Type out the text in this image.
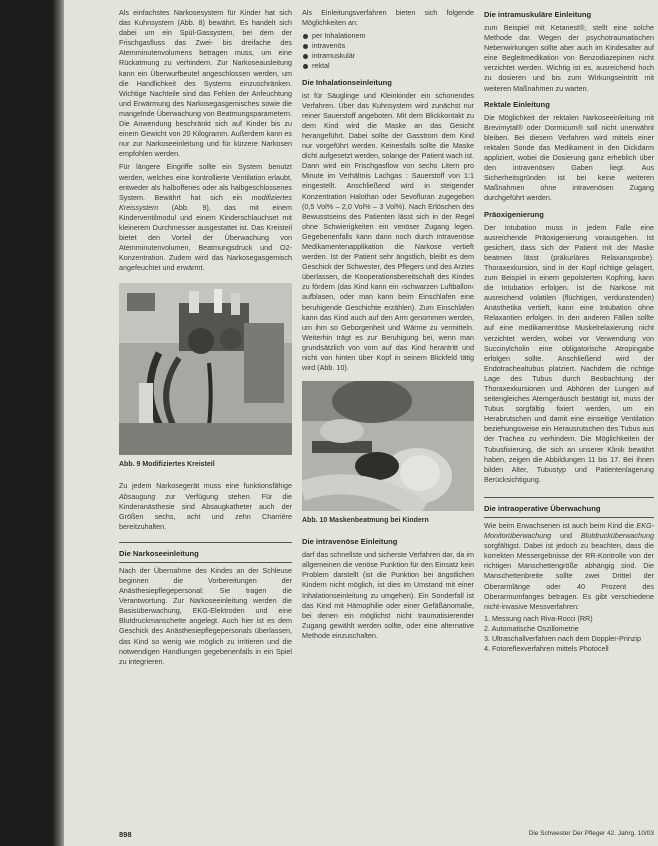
Als einfachstes Narkosesystem für Kinder hat sich das Kuhnsystem (Abb. 8) bewährt. Es handelt sich dabei um ein Spül-Gassystem, bei dem der Frischgasfluss das Zwei- bis dreifache des Atemminutenvolumens betragen muss, um eine Rückatmung zu verhindern. Zur Narkoseausleitung kann ein Überwurfbeutel angeschlossen werden, um die Handlichkeit des Systems einzuschränken. Wichtige Nachteile sind das Fehlen der Anfeuchtung und Erwärmung des Narkosegasgemisches sowie die mangelnde Überwachung von Beatmungsparametern. Die Anwendung beschränkt sich auf Kinder bis zu einem Gewicht von 20 Kilogramm. Außerdem kann es nur zur Narkoseeinleitung und für kürzere Narkosen empfohlen werden.

Für längere Eingriffe sollte ein System benutzt werden, welches eine kontrollierte Ventilation erlaubt, entweder als halboffenes oder als halbgeschlossenes System. Bewährt hat sich ein modifiziertes Kreissystem (Abb. 9), das mit einem Kinderventilmodul und einem Kinderschlauchset mit kleinerem Durchmesser ausgestattet ist. Das Kreisteil bietet den Vorteil der Überwachung von Atemminutenvolumen, Beatmungsdruck und O2-Konzentration. Zudem wird das Narkosegasgemisch angefeuchtet und erwärmt.

Abb. 9 Modifiziertes Kreisteil

Zu jedem Narkosegerät muss eine funktionsfähige Absaugung zur Verfügung stehen. Für die Kinderanästhesie sind Absaugkatheter auch der Größen sechs, acht und zehn Charrière bereitzuhalten.

Die Narkoseeinleitung

Nach der Übernahme des Kindes an der Schleuse beginnen die Vorbereitungen der Anästhesiepflegepersonal: Sie tragen die Verantwortung. Zur Narkoseeinleitung werden die Basisüberwachung, EKG-Elektroden und eine Blutdruckmanschette angelegt. Auch hier ist es dem Geschick des Anästhesiepflegepersonals überlassen, das Kind so wenig wie möglich zu irritieren und die notwendigen Handlungen gegebenenfalls in ein Spiel zu integrieren.

Als Einleitungsverfahren bieten sich folgende Möglichkeiten an:

per Inhalationem
intravenös
intramuskulär
rektal
Die Inhalationseinleitung

ist für Säuglinge und Kleinkinder ein schonendes Verfahren. Über das Kuhnsystem wird zunächst nur reiner Sauerstoff angeboten. Mit dem Blickkontakt zu dem Kind wird die Maske an das Gesicht herangeführt. Dabei sollte der Gasstrom dem Kind nur vorgeführt werden. Keinesfalls sollte die Maske dicht aufgesetzt werden, solange der Patient wach ist. Dann wird ein Frischgasflow von sechs Litern pro Minute im Verhältnis Lachgas : Sauerstoff von 1:1 eingestellt. Anschließend wird in steigender Konzentration Halothan oder Sevofluran zugegeben (0,5 Vol% – 2,0 Vol% – 3 Vol%). Nach Erlöschen des Bewusstseins des Patienten lässt sich in der Regel ohne Schwierigkeiten ein venöser Zugang legen. Gegebenenfalls kann dann noch durch intravenöse Medikamentenapplikation die Narkose vertieft werden. Ist der Patient sehr ängstlich, bleibt es dem Geschick der Schwester, des Pflegers und des Arztes überlassen, die Kooperationsbereitschaft des Kindes zu fördern (das Kind kann ein ›schwarzen Luftballon‹ aufblasen, oder man kann beim Einschlafen eine beruhigende Geschichte erzählen). Zum Einschlafen kann das Kind auch auf den Arm genommen werden, um ihm so Geborgenheit und Wärme zu vermitteln. Weiterhin trägt es zur Beruhigung bei, wenn man grundsätzlich von vorn auf das Kind herantritt und nicht von hinten über Kopf in seinem Blickfeld tätig wird (Abb. 10).

Abb. 10 Maskenbeatmung bei Kindern
Die intravenöse Einleitung

darf das schnellste und sicherste Verfahren dar, da im allgemeinen die venöse Punktion für den Einsatz kein Problem darstellt (ist die Punktion bei ängstlichen Kindern nicht möglich, ist dies im Umstand mit einer Inhalationseinleitung zu umgehen). Ein Sonderfall ist das Kind mit Hämophilie oder einer Gefäßanomalie, bei denen ein möglichst nicht traumatisierender Zugang gewählt werden sollte, oder eine alternative Methode einzuschalten.

Die intramuskuläre Einleitung

zum Beispiel mit Ketanest®, stellt eine solche Methode dar. Wegen der psychotraumatischen Nebenwirkungen sollte aber auch im Kindesalter auf eine Begleitmedikation von Benzodiazepinen nicht verzichtet werden. Wichtig ist es, ausreichend hoch zu dosieren und bis zum Wirkungseintritt mit weiteren Maßnahmen zu warten.

Rektale Einleitung

Die Möglichkeit der rektalen Narkoseeinleitung mit Brevimytal® oder Dormicum® soll nicht unerwähnt bleiben. Bei diesem Verfahren wird mittels einer rektalen Sonde das Medikament in den Dickdarm appliziert, wobei die Dosierung ganz erheblich über den intravenösen Gaben liegt. Aus Sicherheitsgründen ist bei keine weiteren Maßnahmen ohne intravenösen Zugang durchgeführt werden.

Präoxigenierung

Der Intubation muss in jedem Falle eine ausreichende Präoxigenierung vorausgehen. Ist gesichert, dass sich der Patient mit der Maske beatmen lässt (präkurläres Relaxansprobe). Thoraxexkursion, sind in der Kopf richtige gelagert, zum Beispiel in einem gepolsterten Kopfring, kann die Intubation erfolgen. Ist die Narkose mit ausreichend volatilen (flüchtigen, verdunstenden) Anästhetika vertieft, kann eine Intubation ohne Relaxantien erfolgen. In den anderen Fällen sollte auf eine medikamentöse Muskelrelaxierung nicht verzichtet werden, wobei vor Verwendung von Succinylcholin eine obligatorische Atropingabe erfolgen sollte. Anschließend wird der Endotrachealtubus platziert. Nachdem die richtige Lage des Tubus durch Beobachtung der Thoraxexkursionen und Abhören der Lungen auf seitengleiches Atemgeräusch bestätigt ist, muss der Tubus sorgfältig fixiert werden, um ein Herabrutschen und damit eine einseitige Ventilation beziehungsweise ein Herausrutschen des Tubus aus der Trachea zu verhindern. Die Möglichkeiten der Tubusfixierung, die sich an unserer Klinik bewährt haben, zeigen die Abbildungen 11 bis 17. Bei ihnen bilden Alter, Tubustyp und Patientenlagerung Berücksichtigung.

Die intraoperative Überwachung

Wie beim Erwachsenen ist auch beim Kind die EKG-Monitorüberwachung und Blutdrucküberwachung sorgfältigst. Dabei ist jedoch zu beachten, dass die korrekten Messergebnisse der RR-Kontrolle von der richtigen Manschettengröße abhängig sind. Die Manschettenbreite sollte zwei Drittel der Oberarmlänge oder 40 Prozent des Oberarmumfanges betragen. Es gibt verschiedene nicht-invasive Messverfahren:

1. Messung nach Riva-Rocci (RR)
2. Automatische Oszillometrie
3. Ultraschallverfahren nach dem Doppler-Prinzip
4. Fotoreflexverfahren mittels Photocell
898	Die Schwester Der Pfleger 42. Jahrg. 10/03
